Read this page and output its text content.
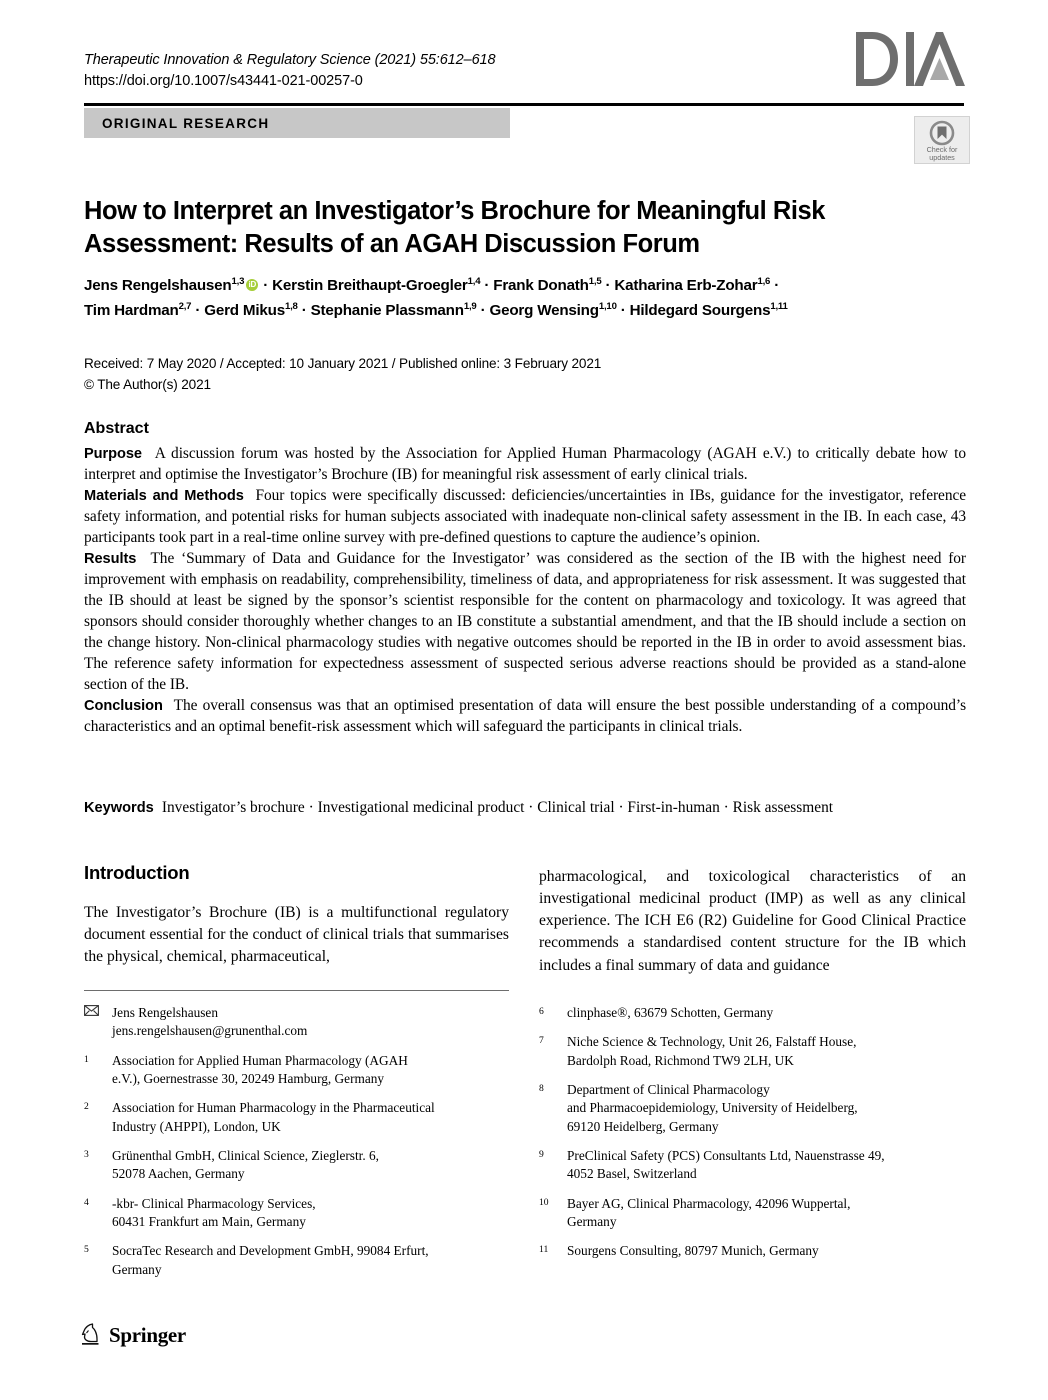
Therapeutic Innovation & Regulatory Science (2021) 55:612–618
https://doi.org/10.1007/s43441-021-00257-0
ORIGINAL RESEARCH
Check for
updates
How to Interpret an Investigator’s Brochure for Meaningful Risk Assessment: Results of an AGAH Discussion Forum
Jens Rengelshausen$^{1,3}$iD · Kerstin Breithaupt-Groegler$^{1,4}$ · Frank Donath$^{1,5}$ · Katharina Erb-Zohar$^{1,6}$ ·
Tim Hardman$^{2,7}$ · Gerd Mikus$^{1,8}$ · Stephanie Plassmann$^{1,9}$ · Georg Wensing$^{1,10}$ · Hildegard Sourgens$^{1,11}$
Received: 7 May 2020 / Accepted: 10 January 2021 / Published online: 3 February 2021
© The Author(s) 2021
Abstract

Purpose A discussion forum was hosted by the Association for Applied Human Pharmacology (AGAH e.V.) to critically debate how to interpret and optimise the Investigator’s Brochure (IB) for meaningful risk assessment of early clinical trials.

Materials and Methods Four topics were specifically discussed: deficiencies/uncertainties in IBs, guidance for the investigator, reference safety information, and potential risks for human subjects associated with inadequate non-clinical safety assessment in the IB. In each case, 43 participants took part in a real-time online survey with pre-defined questions to capture the audience’s opinion.

Results The ‘Summary of Data and Guidance for the Investigator’ was considered as the section of the IB with the highest need for improvement with emphasis on readability, comprehensibility, timeliness of data, and appropriateness for risk assessment. It was suggested that the IB should at least be signed by the sponsor’s scientist responsible for the content on pharmacology and toxicology. It was agreed that sponsors should consider thoroughly whether changes to an IB constitute a substantial amendment, and that the IB should include a section on the change history. Non-clinical pharmacology studies with negative outcomes should be reported in the IB in order to avoid assessment bias. The reference safety information for expectedness assessment of suspected serious adverse reactions should be provided as a stand-alone section of the IB.

Conclusion The overall consensus was that an optimised presentation of data will ensure the best possible understanding of a compound’s characteristics and an optimal benefit-risk assessment which will safeguard the participants in clinical trials.

Keywords Investigator’s brochure · Investigational medicinal product · Clinical trial · First-in-human · Risk assessment
Introduction

The Investigator’s Brochure (IB) is a multifunctional regulatory document essential for the conduct of clinical trials that summarises the physical, chemical, pharmaceutical,

pharmacological, and toxicological characteristics of an investigational medicinal product (IMP) as well as any clinical experience. The ICH E6 (R2) Guideline for Good Clinical Practice recommends a standardised content structure for the IB which includes a final summary of data and guidance

Jens Rengelshausen
jens.rengelshausen@grunenthal.com
1	Association for Applied Human Pharmacology (AGAH
e.V.), Goernestrasse 30, 20249 Hamburg, Germany
2	Association for Human Pharmacology in the Pharmaceutical
Industry (AHPPI), London, UK
3	Grünenthal GmbH, Clinical Science, Zieglerstr. 6,
52078 Aachen, Germany
4	-kbr- Clinical Pharmacology Services,
60431 Frankfurt am Main, Germany
5	SocraTec Research and Development GmbH, 99084 Erfurt,
Germany
6	clinphase®, 63679 Schotten, Germany
7	Niche Science & Technology, Unit 26, Falstaff House,
Bardolph Road, Richmond TW9 2LH, UK
8	Department of Clinical Pharmacology
and Pharmacoepidemiology, University of Heidelberg,
69120 Heidelberg, Germany
9	PreClinical Safety (PCS) Consultants Ltd, Nauenstrasse 49,
4052 Basel, Switzerland
10	Bayer AG, Clinical Pharmacology, 42096 Wuppertal,
Germany
11	Sourgens Consulting, 80797 Munich, Germany
Springer
